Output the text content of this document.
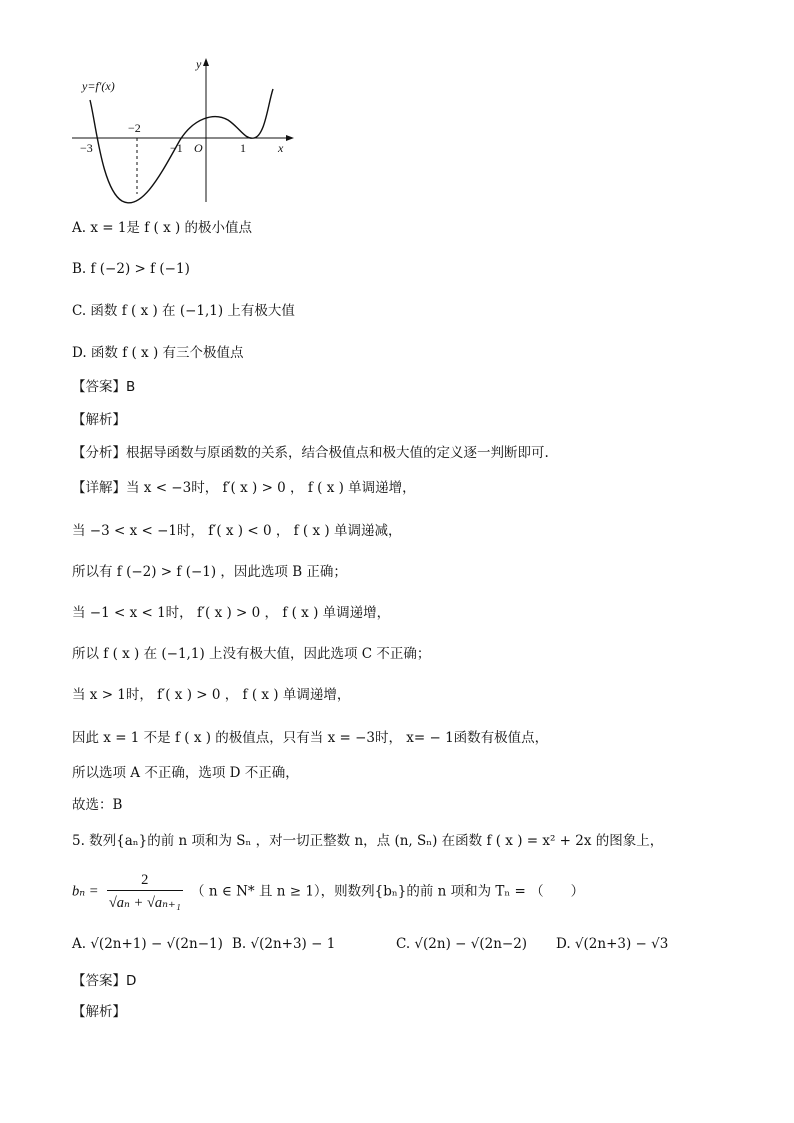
y=f′(x)
y
x
O
−3
−2
−1	1
A. x = 1是 f ( x ) 的极小值点
B. f (−2) > f (−1)
C. 函数 f ( x ) 在 (−1,1) 上有极大值
D. 函数 f ( x ) 有三个极值点
【答案】B
【解析】
【分析】根据导函数与原函数的关系，结合极值点和极大值的定义逐一判断即可.
【详解】当 x < −3时， f′( x ) > 0 ， f ( x ) 单调递增，
当 −3 < x < −1时， f′( x ) < 0 ， f ( x ) 单调递减，
所以有 f (−2) > f (−1) ，因此选项 B 正确；
当 −1 < x < 1时， f′( x ) > 0 ， f ( x ) 单调递增，
所以 f ( x ) 在 (−1,1) 上没有极大值，因此选项 C 不正确；
当 x > 1时， f′( x ) > 0 ， f ( x ) 单调递增，
因此 x = 1 不是 f ( x ) 的极值点，只有当 x = −3时， x= − 1函数有极值点，
所以选项 A 不正确，选项 D 不正确，
故选：B
5. 数列{aₙ}的前 n 项和为 Sₙ ，对一切正整数 n，点 (n, Sₙ) 在函数 f ( x ) = x² + 2x 的图象上，
$b_n = \frac{2}{\text{√aₙ + √aₙ₊₁}}$ （ n ∈ N* 且 n ≥ 1），则数列{bₙ}的前 n 项和为 Tₙ = （　　）
A. √(2n+1) − √(2n−1) B. √(2n+3) − 1	C. √(2n) − √(2n−2) D. √(2n+3) − √3
【答案】D
【解析】
